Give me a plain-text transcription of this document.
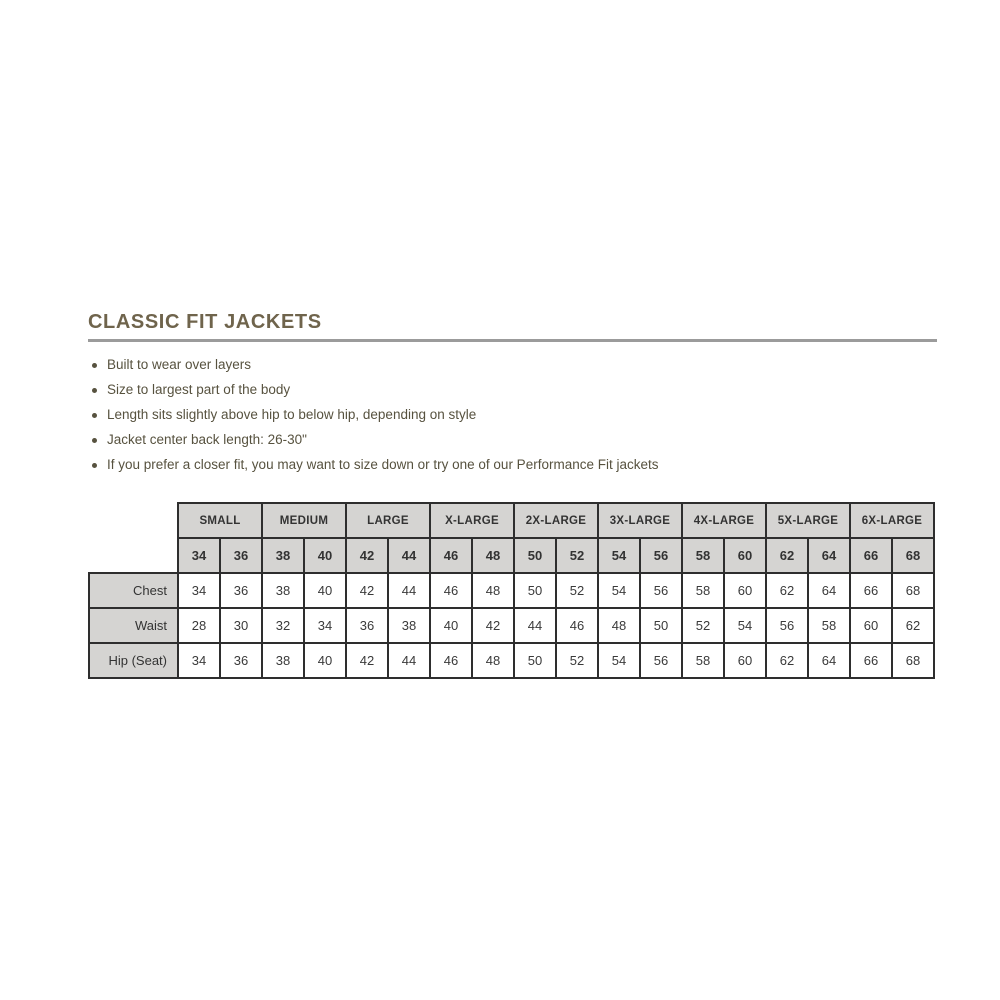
CLASSIC FIT JACKETS
Built to wear over layers
Size to largest part of the body
Length sits slightly above hip to below hip, depending on style
Jacket center back length: 26-30"
If you prefer a closer fit, you may want to size down or try one of our Performance Fit jackets
	SMALL		MEDIUM		LARGE		X-LARGE		2X-LARGE		3X-LARGE		4X-LARGE		5X-LARGE		6X-LARGE	
	34	36	38	40	42	44	46	48	50	52	54	56	58	60	62	64	66	68
Chest	34	36	38	40	42	44	46	48	50	52	54	56	58	60	62	64	66	68
Waist	28	30	32	34	36	38	40	42	44	46	48	50	52	54	56	58	60	62
Hip (Seat)	34	36	38	40	42	44	46	48	50	52	54	56	58	60	62	64	66	68
